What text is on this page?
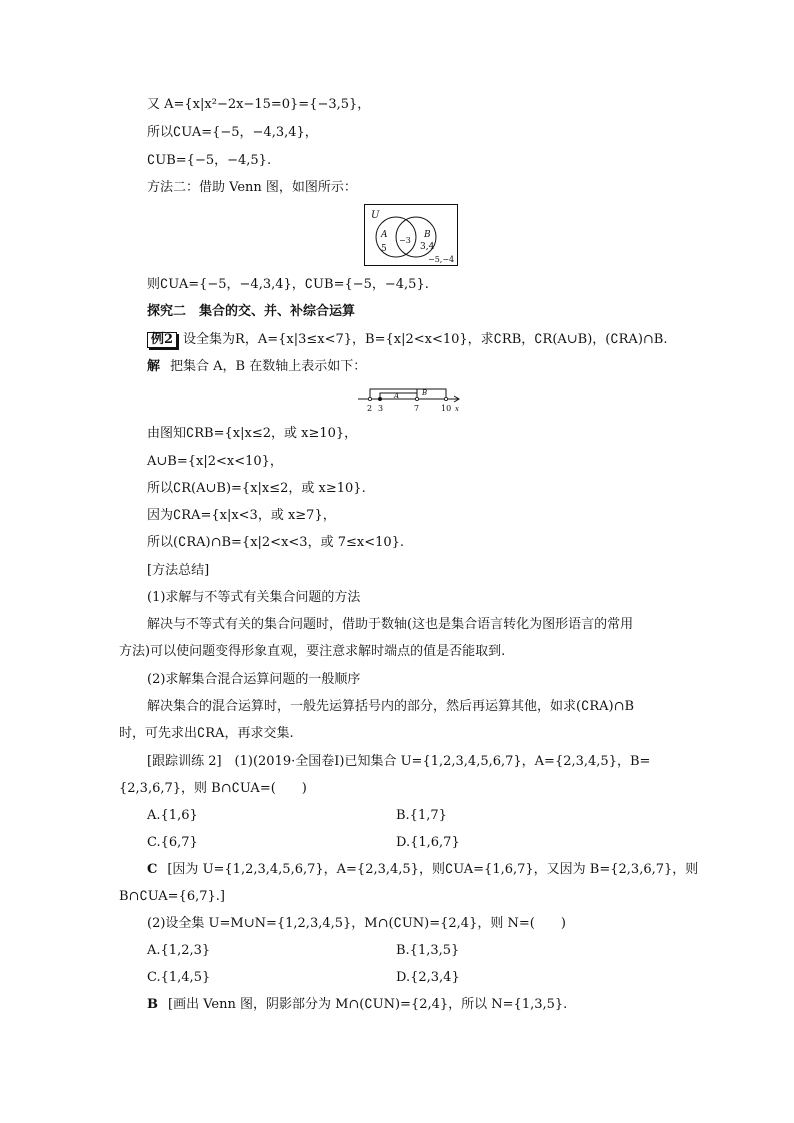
又 A={x|x²−2x−15=0}={−3,5}，
所以∁UA={−5，−4,3,4}，
∁UB={−5，−4,5}.
方法二：借助 Venn 图，如图所示：
U
A	B
5
−3
3,4
−5,−4
则∁UA={−5，−4,3,4}，∁UB={−5，−4,5}.
探究二　集合的交、并、补综合运算
例2 设全集为R，A={x|3≤x<7}，B={x|2<x<10}，求∁RB，∁R(A∪B)，(∁RA)∩B.
解 把集合 A，B 在数轴上表示如下：
A	B
x
2 3	7	10
由图知∁RB={x|x≤2，或 x≥10}，
A∪B={x|2<x<10}，
所以∁R(A∪B)={x|x≤2，或 x≥10}.
因为∁RA={x|x<3，或 x≥7}，
所以(∁RA)∩B={x|2<x<3，或 7≤x<10}.
[方法总结]
(1)求解与不等式有关集合问题的方法
解决与不等式有关的集合问题时，借助于数轴(这也是集合语言转化为图形语言的常用
方法)可以使问题变得形象直观，要注意求解时端点的值是否能取到.
(2)求解集合混合运算问题的一般顺序
解决集合的混合运算时，一般先运算括号内的部分，然后再运算其他，如求(∁RA)∩B
时，可先求出∁RA，再求交集.
[跟踪训练 2]　(1)(2019·全国卷Ⅰ)已知集合 U={1,2,3,4,5,6,7}，A={2,3,4,5}，B=
{2,3,6,7}，则 B∩∁UA=(　　)
A.{1,6}	B.{1,7}
C.{6,7}	D.{1,6,7}
C [因为 U={1,2,3,4,5,6,7}，A={2,3,4,5}，则∁UA={1,6,7}，又因为 B={2,3,6,7}，则
B∩∁UA={6,7}.]
(2)设全集 U=M∪N={1,2,3,4,5}，M∩(∁UN)={2,4}，则 N=(　　)
A.{1,2,3}	B.{1,3,5}
C.{1,4,5}	D.{2,3,4}
B [画出 Venn 图，阴影部分为 M∩(∁UN)={2,4}，所以 N={1,3,5}.
